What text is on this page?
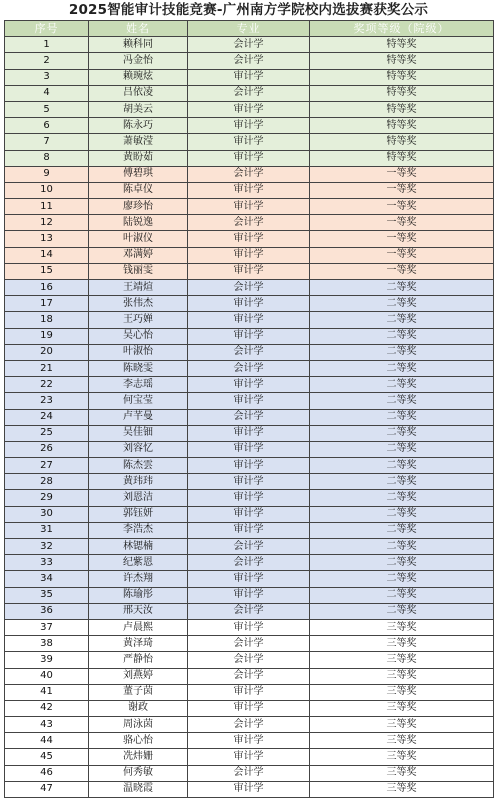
2025智能审计技能竞赛-广州南方学院校内选拔赛获奖公示
序号	姓名	专业	奖项等级（院级）
1	赖科同	会计学	特等奖
2	冯金怡	会计学	特等奖
3	赖琬炫	审计学	特等奖
4	吕依凌	会计学	特等奖
5	胡美云	审计学	特等奖
6	陈永巧	审计学	特等奖
7	萧敏滢	审计学	特等奖
8	黄盼茹	审计学	特等奖
9	傅碧琪	会计学	一等奖
10	陈卓仪	审计学	一等奖
11	廖珍怡	审计学	一等奖
12	陆锐逸	会计学	一等奖
13	叶淑仪	审计学	一等奖
14	邓满婷	审计学	一等奖
15	钱丽雯	审计学	一等奖
16	王靖煊	会计学	二等奖
17	张伟杰	审计学	二等奖
18	王巧婵	审计学	二等奖
19	吴心怡	审计学	二等奖
20	叶淑怡	会计学	二等奖
21	陈晓雯	会计学	二等奖
22	李志瑶	审计学	二等奖
23	何宝莹	审计学	二等奖
24	卢芊曼	会计学	二等奖
25	吴佳钿	审计学	二等奖
26	刘容忆	审计学	二等奖
27	陈杰雲	审计学	二等奖
28	黄玮玮	审计学	二等奖
29	刘恩洁	审计学	二等奖
30	郭钰妍	审计学	二等奖
31	李浩杰	审计学	二等奖
32	林锶楠	会计学	二等奖
33	纪紫恩	会计学	二等奖
34	许杰翔	审计学	二等奖
35	陈瑜彤	审计学	二等奖
36	邢天汝	会计学	二等奖
37	卢晨熙	审计学	三等奖
38	黄泽琦	会计学	三等奖
39	严静怡	会计学	三等奖
40	刘燕婷	会计学	三等奖
41	董子茵	审计学	三等奖
42	谢政	审计学	三等奖
43	周泳茵	会计学	三等奖
44	骆心怡	审计学	三等奖
45	冼炜姗	审计学	三等奖
46	何秀敏	会计学	三等奖
47	温晓霞	审计学	三等奖
